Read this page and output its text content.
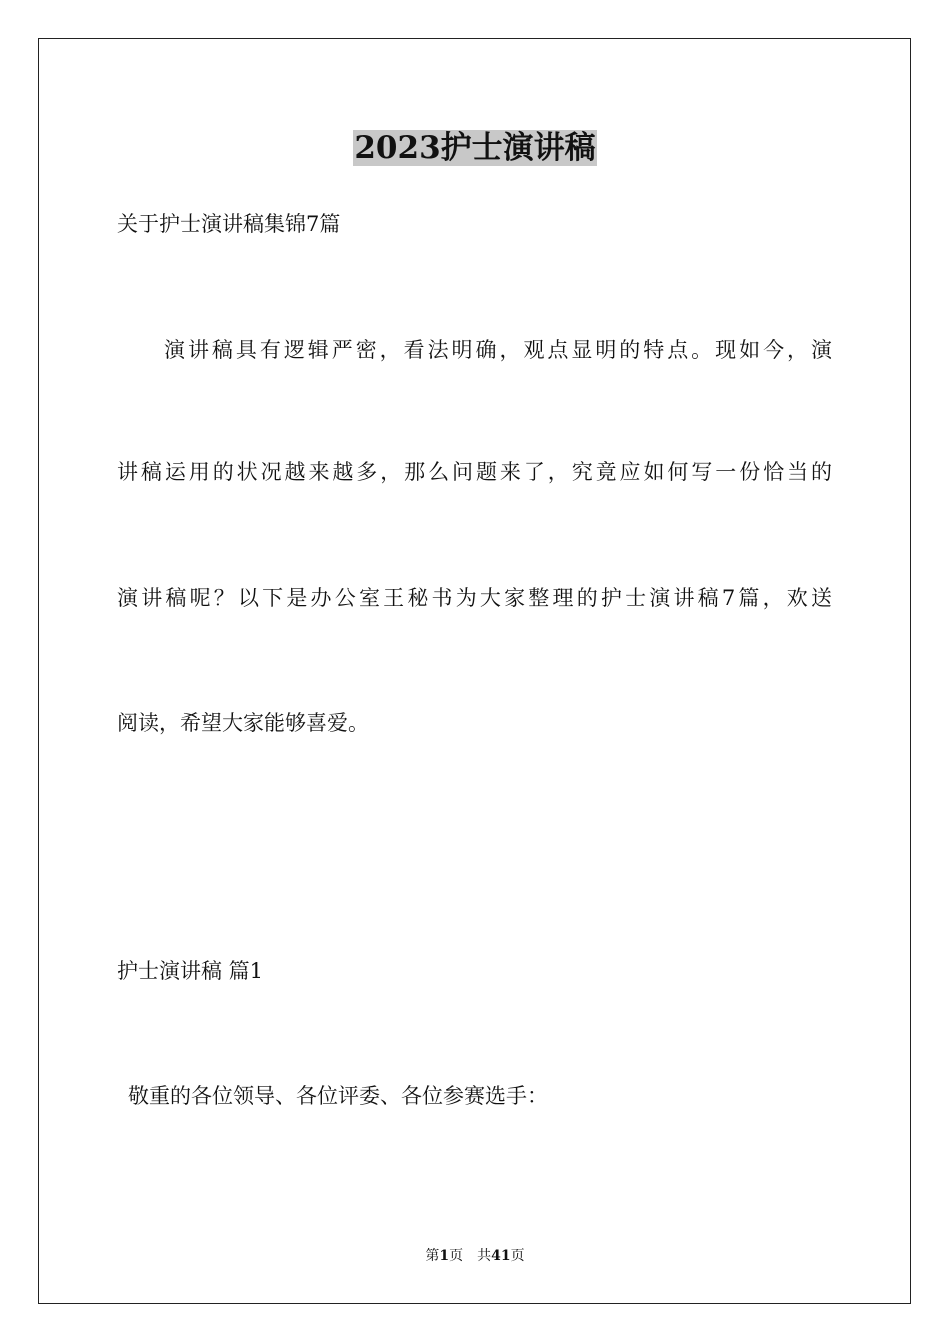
2023护士演讲稿

关于护士演讲稿集锦7篇

演讲稿具有逻辑严密，看法明确，观点显明的特点。现如今，演

讲稿运用的状况越来越多，那么问题来了，究竟应如何写一份恰当的

演讲稿呢？以下是办公室王秘书为大家整理的护士演讲稿7篇，欢送

阅读，希望大家能够喜爱。

护士演讲稿 篇1

敬重的各位领导、各位评委、各位参赛选手：

第1页 共41页
